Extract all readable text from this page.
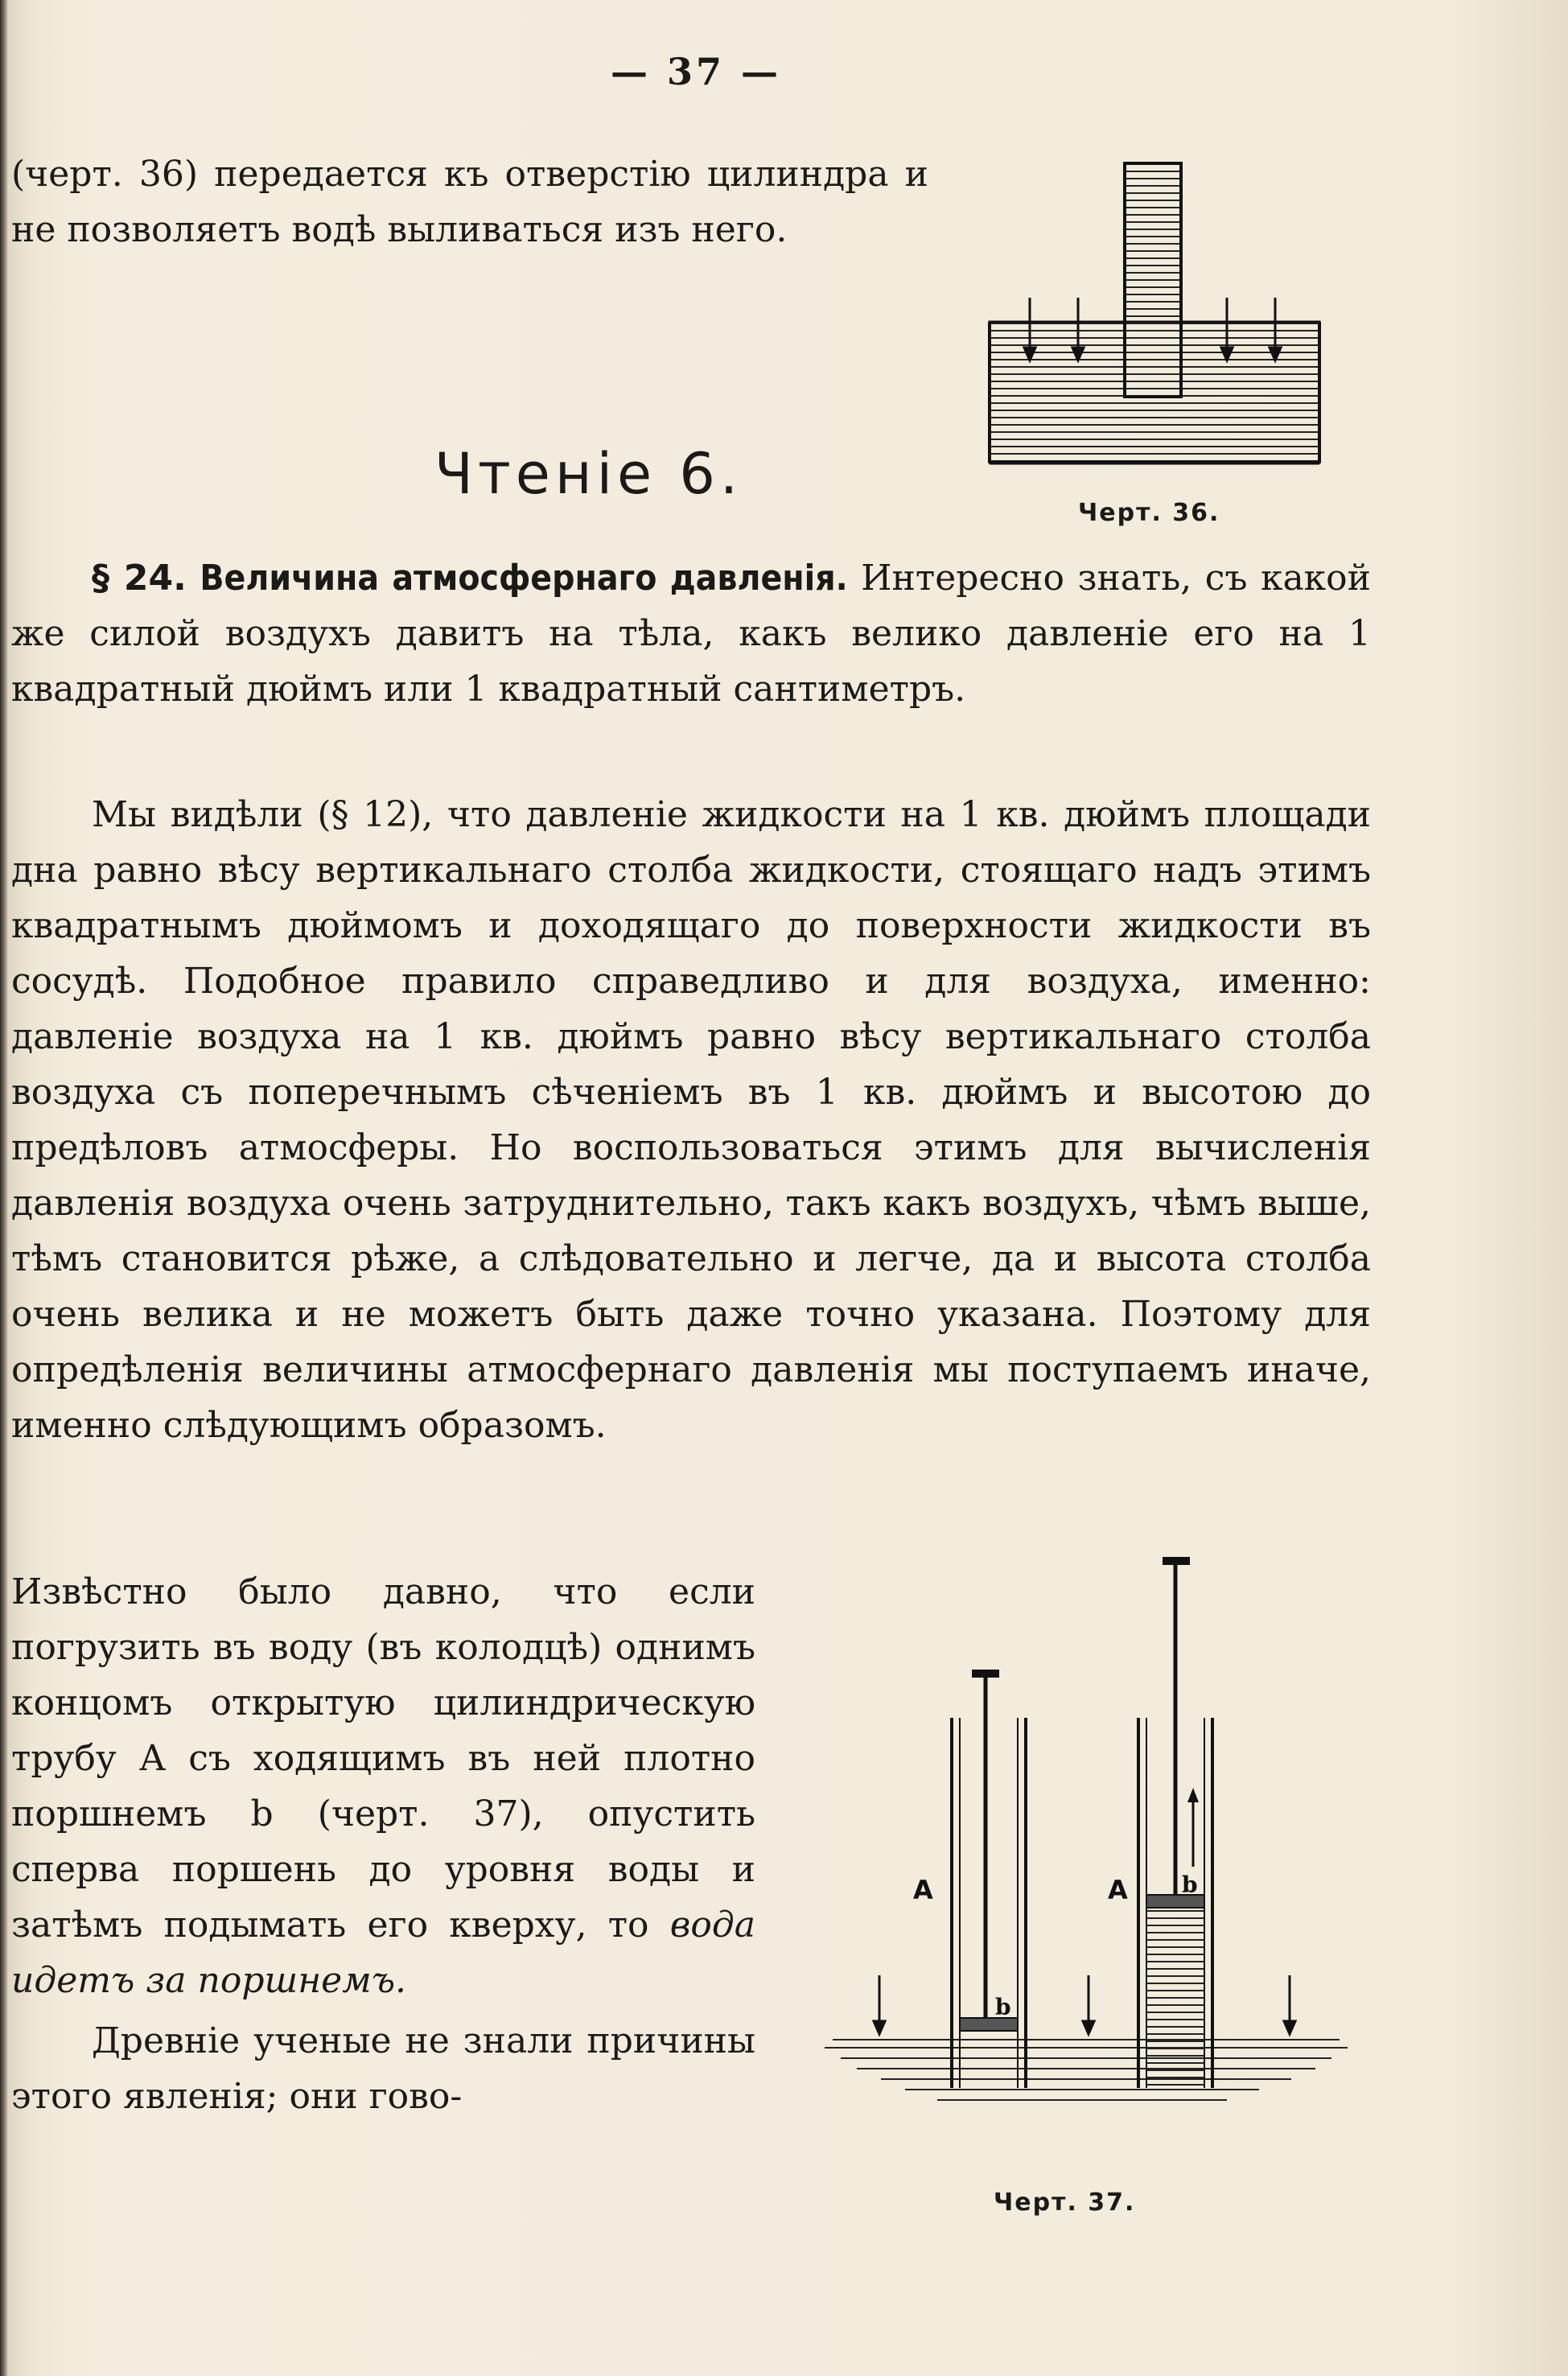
— 37 —
(черт. 36) передается къ отверстiю цилиндра и не позволяетъ водѣ выливаться изъ него.
Черт. 36.
Чтенiе 6.

§ 24. Величина атмосфернаго давленiя. Интересно знать, съ какой же силой воздухъ давитъ на тѣла, какъ велико давленiе его на 1 квадратный дюймъ или 1 квадратный сантиметръ.

Мы видѣли (§ 12), что давленiе жидкости на 1 кв. дюймъ площади дна равно вѣсу вертикальнаго столба жидкости, стоящаго надъ этимъ квадратнымъ дюймомъ и доходящаго до поверхности жидкости въ сосудѣ. Подобное правило справедливо и для воздуха, именно: давленiе воздуха на 1 кв. дюймъ равно вѣсу вертикальнаго столба воздуха съ поперечнымъ сѣченiемъ въ 1 кв. дюймъ и высотою до предѣловъ атмосферы. Но воспользоваться этимъ для вычисленiя давленiя воздуха очень затруднительно, такъ какъ воздухъ, чѣмъ выше, тѣмъ становится рѣже, а слѣдовательно и легче, да и высота столба очень велика и не можетъ быть даже точно указана. Поэтому для опредѣленiя величины атмосфернаго давленiя мы поступаемъ иначе, именно слѣдующимъ образомъ.

Извѣстно было давно, что если погрузить въ воду (въ колодцѣ) однимъ концомъ открытую цилиндрическую трубу А съ ходящимъ въ ней плотно поршнемъ b (черт. 37), опустить сперва поршень до уровня воды и затѣмъ подымать его кверху, то вода идетъ за поршнемъ.

Древнiе ученые не знали причины этого явленiя; они гово-

А	А
b
b
Черт. 37.
